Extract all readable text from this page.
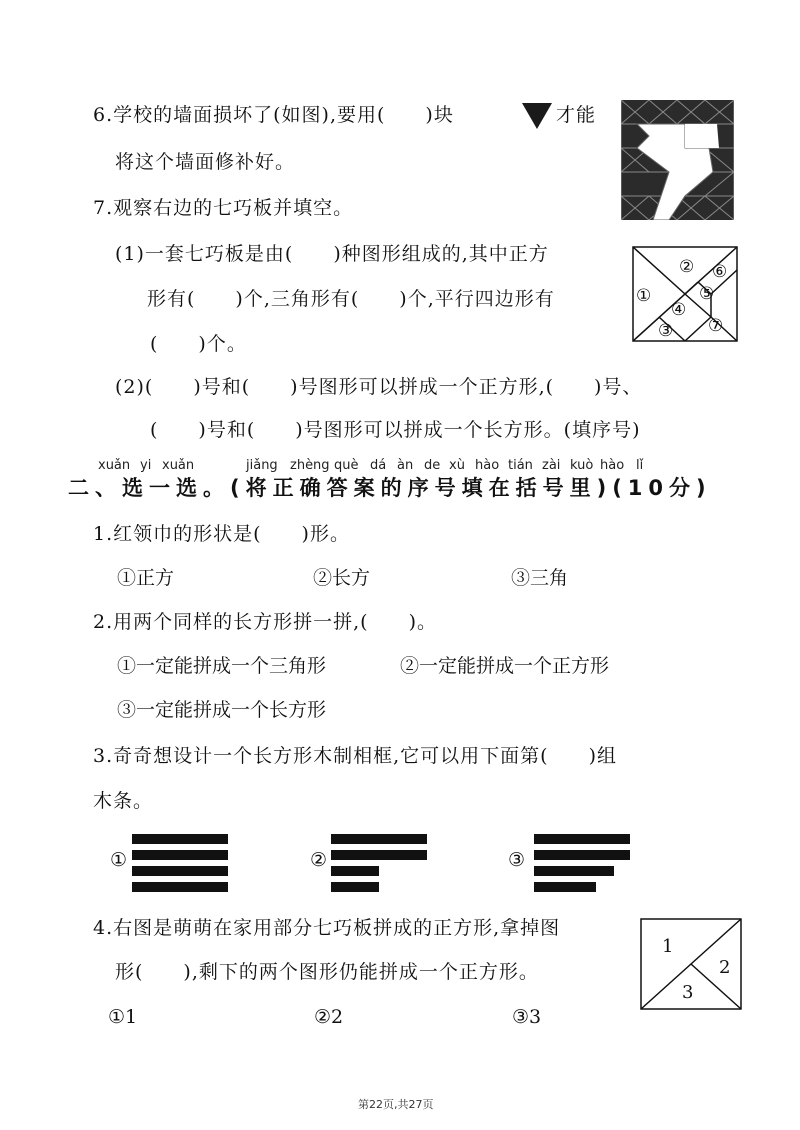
6.学校的墙面损坏了(如图),要用(　　)块	才能
将这个墙面修补好。
7.观察右边的七巧板并填空。
(1)一套七巧板是由(　　)种图形组成的,其中正方
形有(　　)个,三角形有(　　)个,平行四边形有
(　　)个。
(2)(　　)号和(　　)号图形可以拼成一个正方形,(　　)号、
(　　)号和(　　)号图形可以拼成一个长方形。(填序号)
② ⑥
①
④
⑤
③ ⑦
xuǎn yi xuǎn	jiǎng zhèng què dá àn de xù hào tián zài kuò hào lǐ
二、选一选。(将正确答案的序号填在括号里)(10分)
1.红领巾的形状是(　　)形。
①正方	②长方	③三角
2.用两个同样的长方形拼一拼,(　　)。
①一定能拼成一个三角形	②一定能拼成一个正方形
③一定能拼成一个长方形
3.奇奇想设计一个长方形木制相框,它可以用下面第(　　)组
木条。
①	②	③
4.右图是萌萌在家用部分七巧板拼成的正方形,拿掉图
形(　　),剩下的两个图形仍能拼成一个正方形。
①1	②2	③3
1
2
3
第22页,共27页
